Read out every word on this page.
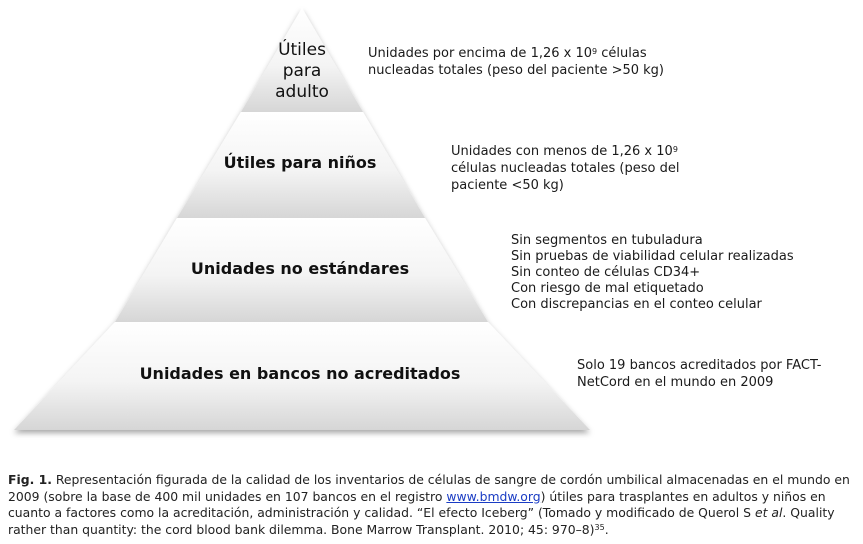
Útiles
para
adulto
Útiles para niños
Unidades no estándares
Unidades en bancos no acreditados
Unidades por encima de 1,26 x $10^9$ células nucleadas totales (peso del paciente >50 kg)
Unidades con menos de 1,26 x $10^9$ células nucleadas totales (peso del paciente <50 kg)
Sin segmentos en tubuladura
Sin pruebas de viabilidad celular realizadas
Sin conteo de células CD34+
Con riesgo de mal etiquetado
Con discrepancias en el conteo celular
Solo 19 bancos acreditados por FACT-NetCord en el mundo en 2009
Fig. 1. Representación figurada de la calidad de los inventarios de células de sangre de cordón umbilical almacenadas en el mundo en 2009 (sobre la base de 400 mil unidades en 107 bancos en el registro www.bmdw.org) útiles para trasplantes en adultos y niños en cuanto a factores como la acreditación, administración y calidad. “El efecto Iceberg” (Tomado y modificado de Querol S et al. Quality rather than quantity: the cord blood bank dilemma. Bone Marrow Transplant. 2010; 45: 970–8)$^{35}$.
